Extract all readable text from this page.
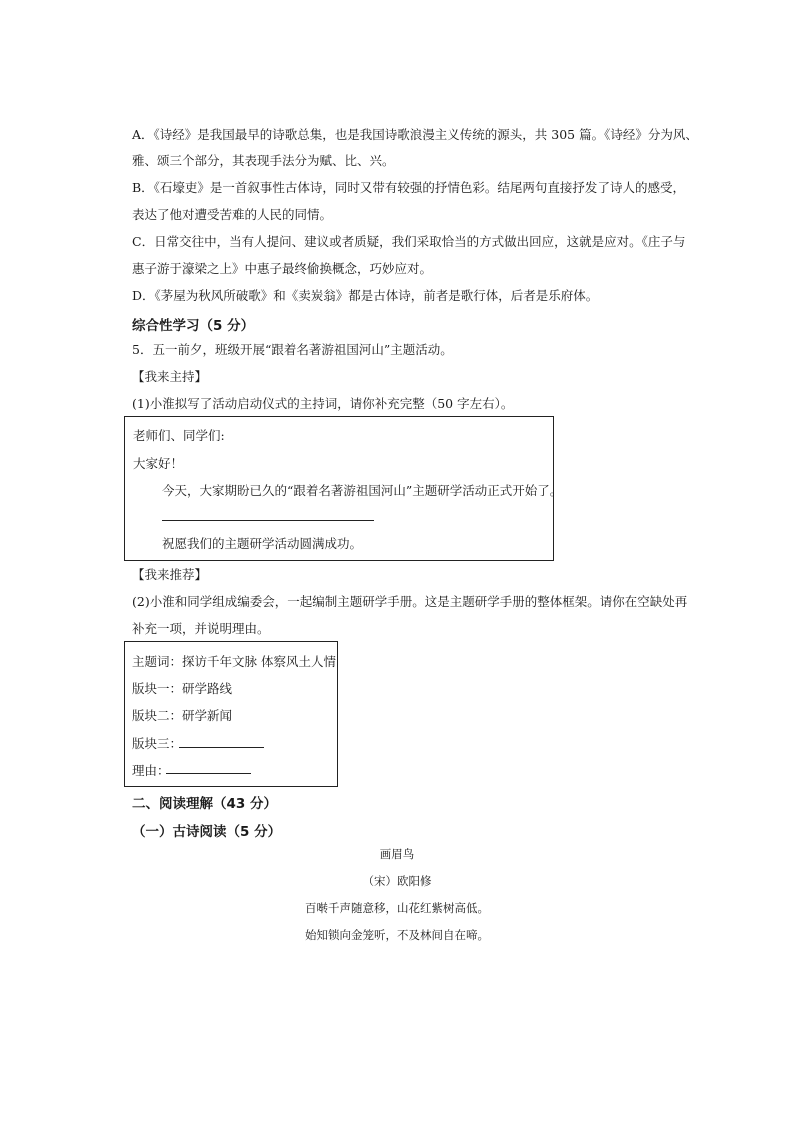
A．《诗经》是我国最早的诗歌总集，也是我国诗歌浪漫主义传统的源头，共 305 篇。《诗经》分为风、
雅、颂三个部分，其表现手法分为赋、比、兴。
B．《石壕吏》是一首叙事性古体诗，同时又带有较强的抒情色彩。结尾两句直接抒发了诗人的感受，
表达了他对遭受苦难的人民的同情。
C．日常交往中，当有人提问、建议或者质疑，我们采取恰当的方式做出回应，这就是应对。《庄子与
惠子游于濠梁之上》中惠子最终偷换概念，巧妙应对。
D．《茅屋为秋风所破歌》和《卖炭翁》都是古体诗，前者是歌行体，后者是乐府体。
综合性学习（5 分）
5．五一前夕，班级开展“跟着名著游祖国河山”主题活动。
【我来主持】
(1)小淮拟写了活动启动仪式的主持词，请你补充完整（50 字左右）。
老师们、同学们:
大家好！
今天，大家期盼已久的“跟着名著游祖国河山”主题研学活动正式开始了。
祝愿我们的主题研学活动圆满成功。
【我来推荐】
(2)小淮和同学组成编委会，一起编制主题研学手册。这是主题研学手册的整体框架。请你在空缺处再
补充一项，并说明理由。
主题词：探访千年文脉 体察风土人情
版块一：研学路线
版块二：研学新闻
版块三：
理由：
二、阅读理解（43 分）
（一）古诗阅读（5 分）
画眉鸟
（宋）欧阳修
百啭千声随意移，山花红紫树高低。
始知锁向金笼听，不及林间自在啼。
